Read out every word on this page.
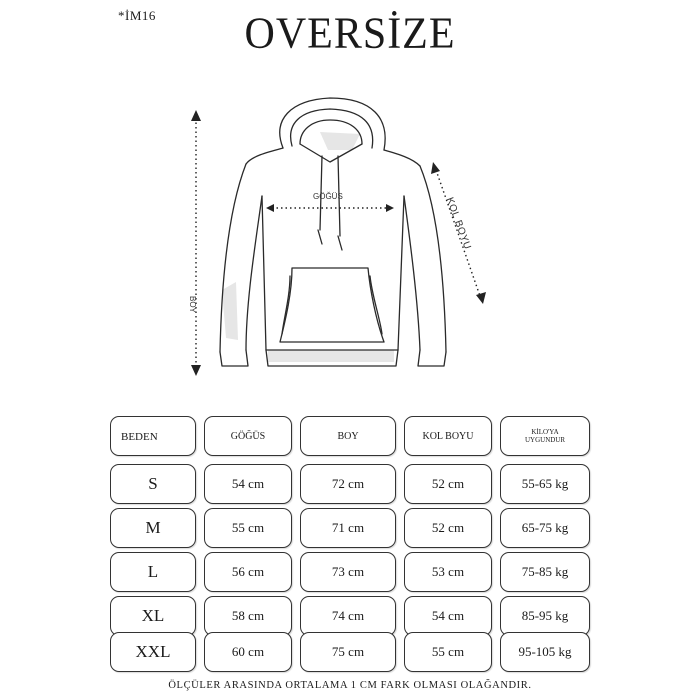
*İM16	OVERSİZE
GÖĞÜS
BOY
KOL BOYU
BEDEN	GÖĞÜS	BOY	KOL BOYU	KİLO'YA
UYGUNDUR
S	54 cm	72 cm	52 cm	55-65 kg
M	55 cm	71 cm	52 cm	65-75 kg
L	56 cm	73 cm	53 cm	75-85 kg
XL	58 cm	74 cm	54 cm	85-95 kg
XXL	60 cm	75 cm	55 cm	95-105 kg
ÖLÇÜLER ARASINDA ORTALAMA 1 CM FARK OLMASI OLAĞANDIR.
